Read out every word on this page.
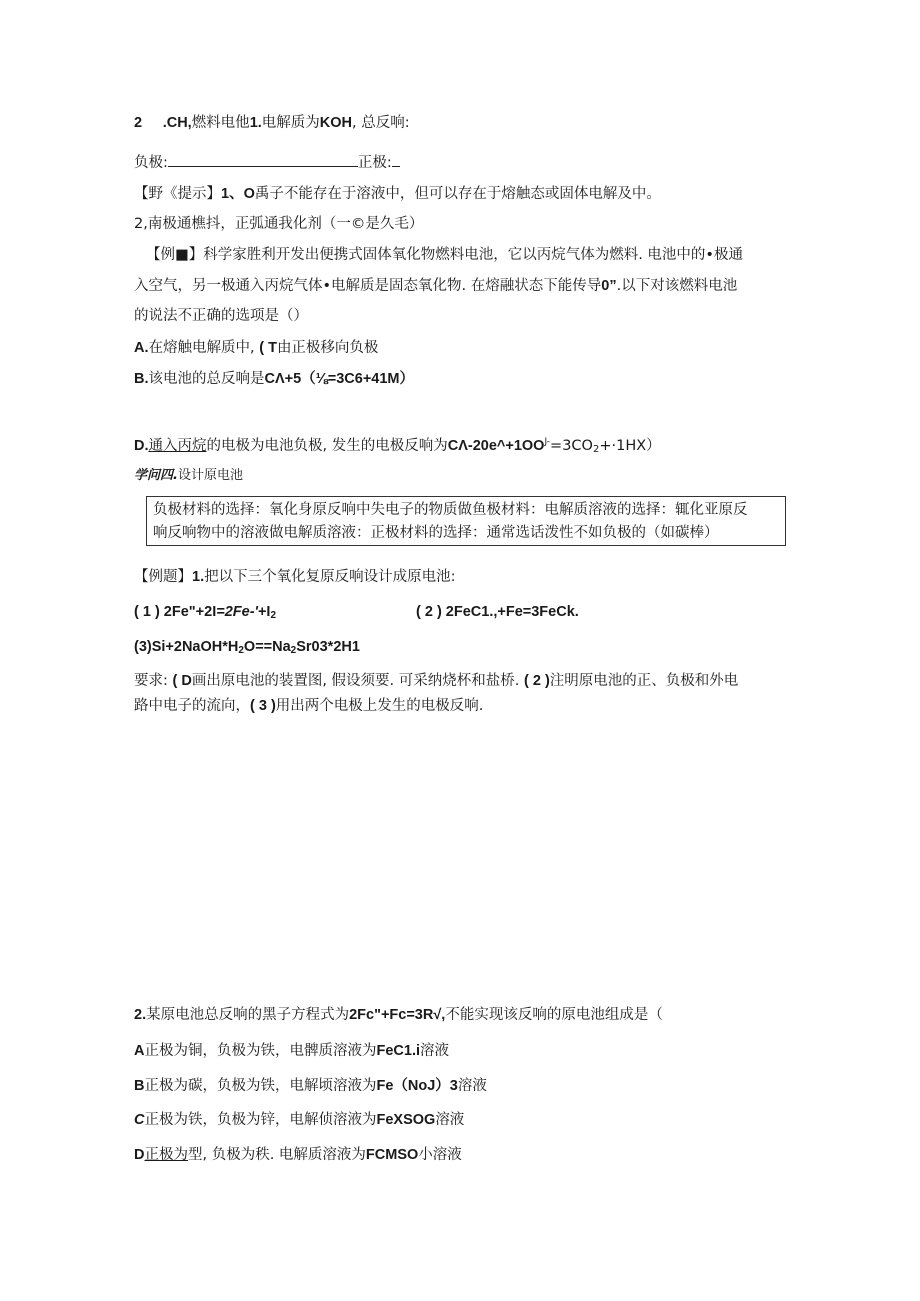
2 .CH,燃料电他1.电解质为KOH, 总反响:
负极:	正极:
【野《提示】1、O禹子不能存在于溶液中，但可以存在于熔触态或固体电解及中。
2,南极通樵抖，正弧通我化剂（一©是久毛）
【例■】科学家胜利开发出便携式固体氧化物燃料电池，它以丙烷气体为燃料. 电池中的•极通
入空气，另一极通入丙烷气体•电解质是固态氧化物. 在熔融状态下能传导0”.以下对该燃料电池
的说法不正确的选项是（）
A.在熔触电解质中, ( T由正极移向负极
B.该电池的总反响是CΛ+5（⅛=3C6+41M）
D.通入丙烷的电极为电池负极, 发生的电极反响为$C\Lambda-20e\^{}+1OO^{J-}=3CO_2+\cdot 1HX$）
学问四.设计原电池
负极材料的选择：氧化身原反响中失电子的物质做鱼极材料：电解质溶液的选择：辄化亚原反
响反响物中的溶液做电解质溶液：正极材料的选择：通常选话泼性不如负极的（如碳棒）
【例题】1.把以下三个氧化复原反响设计成原电池:
( 1 ) $2Fe"+2I=2Fe-'+I_2$	( 2 ) 2FeC1.,+Fe=3FeCk.
$(3)Si+2NaOH*H_2O==Na_2Sr03*2H1$
要求: ( D画出原电池的装置图, 假设须要. 可采纳烧杯和盐桥. ( 2 )注明原电池的正、负极和外电
路中电子的流向，( 3 )用出两个电极上发生的电极反响.
2.某原电池总反响的黑子方程式为2Fc"+Fc=3R√,不能实现该反响的原电池组成是（
A正极为铜，负极为铁，电髀质溶液为FeC1.i溶液
B正极为碳，负极为铁，电解顷溶液为Fe（NoJ）3溶液
C正极为铁，负极为锌，电解侦溶液为FeXSOG溶液
D正极为型, 负极为秩. 电解质溶液为FCMSO小溶液
